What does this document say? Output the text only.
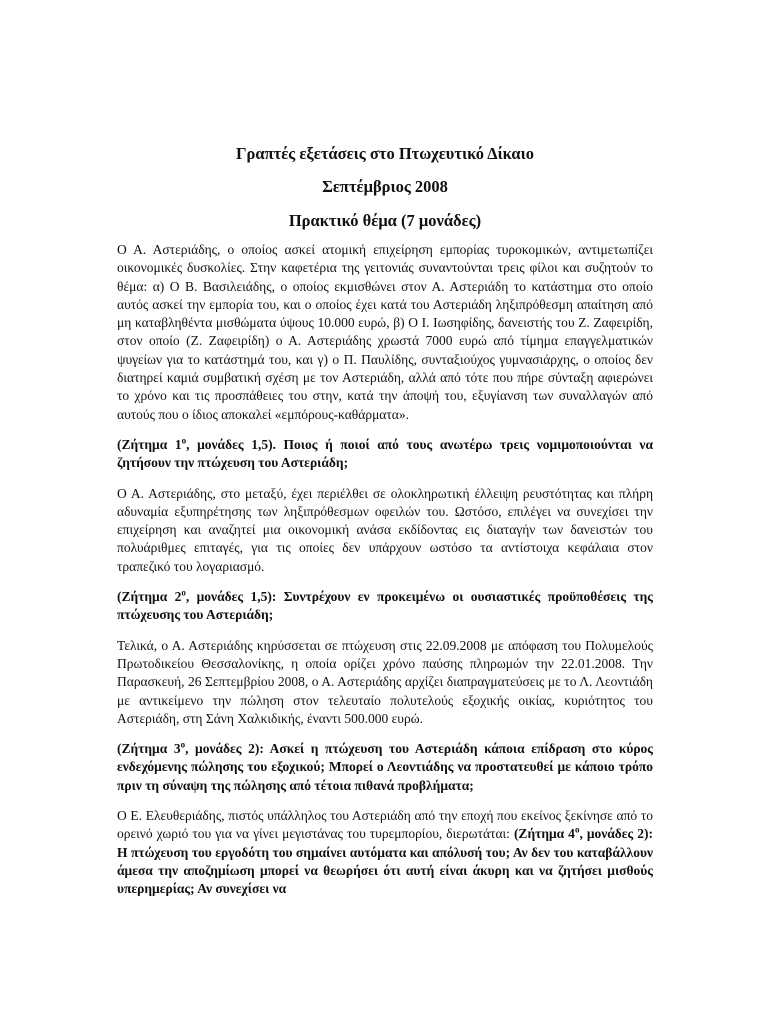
Γραπτές εξετάσεις στο Πτωχευτικό Δίκαιο

Σεπτέμβριος 2008

Πρακτικό θέμα (7 μονάδες)

Ο Α. Αστεριάδης, ο οποίος ασκεί ατομική επιχείρηση εμπορίας τυροκομικών, αντιμετωπίζει οικονομικές δυσκολίες. Στην καφετέρια της γειτονιάς συναντούνται τρεις φίλοι και συζητούν το θέμα: α) Ο Β. Βασιλειάδης, ο οποίος εκμισθώνει στον Α. Αστεριάδη το κατάστημα στο οποίο αυτός ασκεί την εμπορία του, και ο οποίος έχει κατά του Αστεριάδη ληξιπρόθεσμη απαίτηση από μη καταβληθέντα μισθώματα ύψους 10.000 ευρώ, β) Ο Ι. Ιωσηφίδης, δανειστής του Ζ. Ζαφειρίδη, στον οποίο (Ζ. Ζαφειρίδη) ο Α. Αστεριάδης χρωστά 7000 ευρώ από τίμημα επαγγελματικών ψυγείων για το κατάστημά του, και γ) ο Π. Παυλίδης, συνταξιούχος γυμνασιάρχης, ο οποίος δεν διατηρεί καμιά συμβατική σχέση με τον Αστεριάδη, αλλά από τότε που πήρε σύνταξη αφιερώνει το χρόνο και τις προσπάθειες του στην, κατά την άποψή του, εξυγίανση των συναλλαγών από αυτούς που ο ίδιος αποκαλεί «εμπόρους-καθάρματα».

(Ζήτημα $1^o$, μονάδες 1,5). Ποιος ή ποιοί από τους ανωτέρω τρεις νομιμοποιούνται να ζητήσουν την πτώχευση του Αστεριάδη;

Ο Α. Αστεριάδης, στο μεταξύ, έχει περιέλθει σε ολοκληρωτική έλλειψη ρευστότητας και πλήρη αδυναμία εξυπηρέτησης των ληξιπρόθεσμων οφειλών του. Ωστόσο, επιλέγει να συνεχίσει την επιχείρηση και αναζητεί μια οικονομική ανάσα εκδίδοντας εις διαταγήν των δανειστών του πολυάριθμες επιταγές, για τις οποίες δεν υπάρχουν ωστόσο τα αντίστοιχα κεφάλαια στον τραπεζικό του λογαριασμό.

(Ζήτημα $2^o$, μονάδες 1,5): Συντρέχουν εν προκειμένω οι ουσιαστικές προϋποθέσεις της πτώχευσης του Αστεριάδη;

Τελικά, ο Α. Αστεριάδης κηρύσσεται σε πτώχευση στις 22.09.2008 με απόφαση του Πολυμελούς Πρωτοδικείου Θεσσαλονίκης, η οποία ορίζει χρόνο παύσης πληρωμών την 22.01.2008. Την Παρασκευή, 26 Σεπτεμβρίου 2008, ο Α. Αστεριάδης αρχίζει διαπραγματεύσεις με το Λ. Λεοντιάδη με αντικείμενο την πώληση στον τελευταίο πολυτελούς εξοχικής οικίας, κυριότητος του Αστεριάδη, στη Σάνη Χαλκιδικής, έναντι 500.000 ευρώ.

(Ζήτημα $3^o$, μονάδες 2): Ασκεί η πτώχευση του Αστεριάδη κάποια επίδραση στο κύρος ενδεχόμενης πώλησης του εξοχικού; Μπορεί ο Λεοντιάδης να προστατευθεί με κάποιο τρόπο πριν τη σύναψη της πώλησης από τέτοια πιθανά προβλήματα;

Ο Ε. Ελευθεριάδης, πιστός υπάλληλος του Αστεριάδη από την εποχή που εκείνος ξεκίνησε από το ορεινό χωριό του για να γίνει μεγιστάνας του τυρεμπορίου, διερωτάται: (Ζήτημα $4^o$, μονάδες 2): Η πτώχευση του εργοδότη του σημαίνει αυτόματα και απόλυσή του; Αν δεν του καταβάλλουν άμεσα την αποζημίωση μπορεί να θεωρήσει ότι αυτή είναι άκυρη και να ζητήσει μισθούς υπερημερίας; Αν συνεχίσει να
